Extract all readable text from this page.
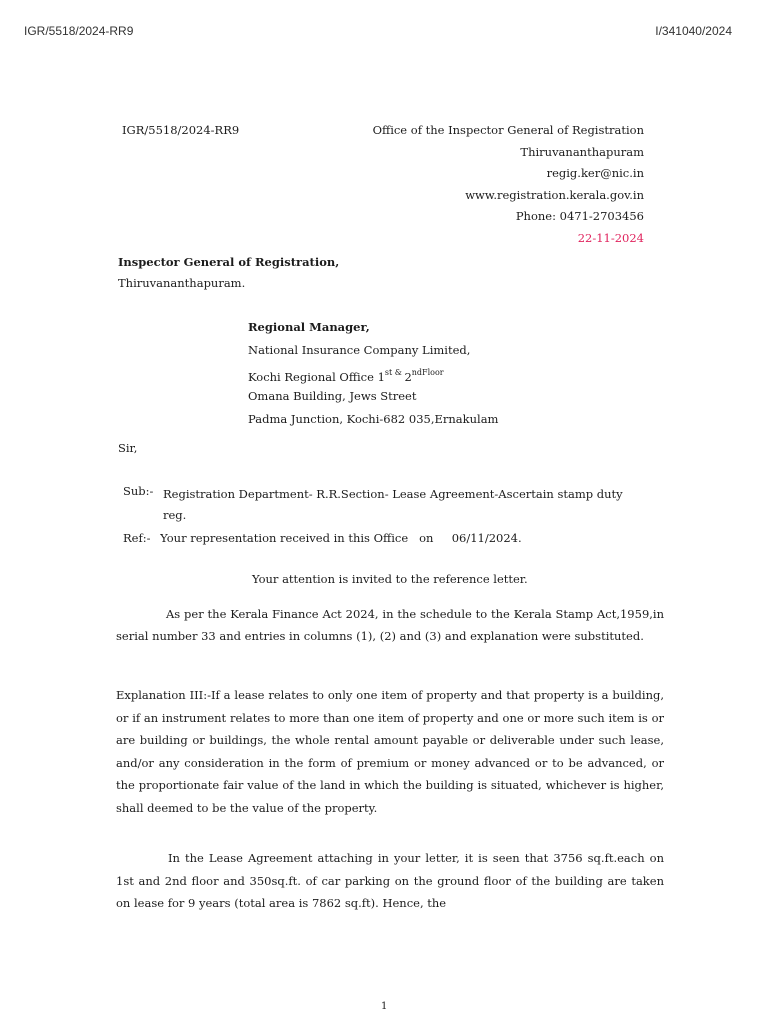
IGR/5518/2024-RR9	I/341040/2024
IGR/5518/2024-RR9	Office of the Inspector General of Registration
Thiruvananthapuram
regig.ker@nic.in
www.registration.kerala.gov.in
Phone: 0471-2703456
22-11-2024
Inspector General of Registration,
Thiruvananthapuram.
Regional Manager,
National Insurance Company Limited,
Kochi Regional Office $1^{st \&}$ $2^{ndFloor}$
Omana Building, Jews Street
Padma Junction, Kochi-682 035,Ernakulam
Sir,
Sub:- Registration Department- R.R.Section- Lease Agreement-Ascertain stamp duty reg.
Ref:- Your representation received in this Office   on     06/11/2024.
Your attention is invited to the reference letter.
As per the Kerala Finance Act 2024, in the schedule to the Kerala Stamp Act,1959,in serial number 33 and entries in columns (1), (2) and (3) and explanation were substituted.
Explanation III:-If a lease relates to only one item of property and that property is a building, or if an instrument relates to more than one item of property and one or more such item is or are building or buildings, the whole rental amount payable or deliverable under such lease, and/or any consideration in the form of premium or money advanced or to be advanced, or the proportionate fair value of the land in which the building is situated, whichever is higher, shall deemed to be the value of the property.
In the Lease Agreement attaching in your letter, it is seen that 3756 sq.ft.each on 1st and 2nd floor and 350sq.ft. of car parking on the ground floor of the building are taken on lease for 9 years (total area is 7862 sq.ft). Hence, the
1
